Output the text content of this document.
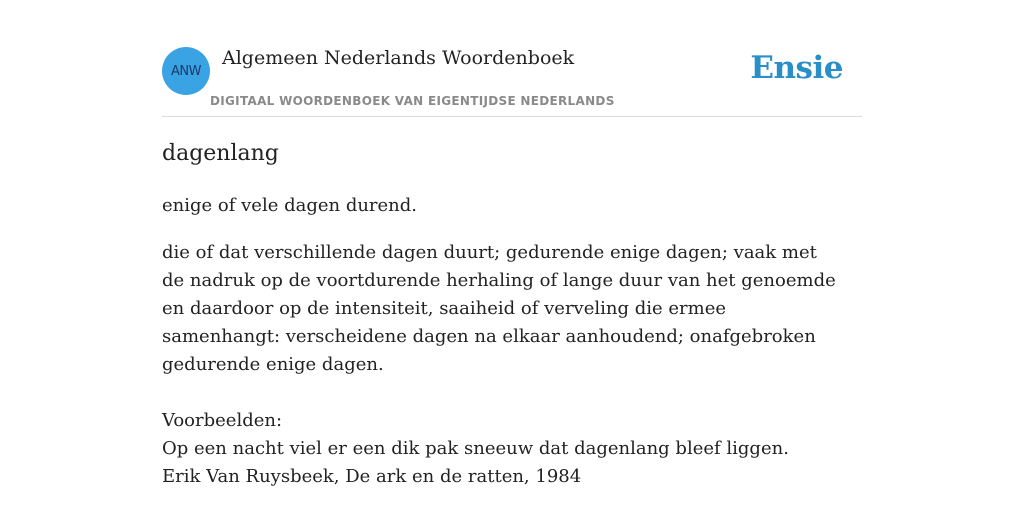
ANW
Algemeen Nederlands Woordenboek
DIGITAAL WOORDENBOEK VAN EIGENTIJDSE NEDERLANDS
Ensie
dagenlang

enige of vele dagen durend.

die of dat verschillende dagen duurt; gedurende enige dagen; vaak met de nadruk op de voortdurende herhaling of lange duur van het genoemde en daardoor op de intensiteit, saaiheid of verveling die ermee samenhangt: verscheidene dagen na elkaar aanhoudend; onafgebroken gedurende enige dagen.

Voorbeelden:
Op een nacht viel er een dik pak sneeuw dat dagenlang bleef liggen.
Erik Van Ruysbeek, De ark en de ratten, 1984
